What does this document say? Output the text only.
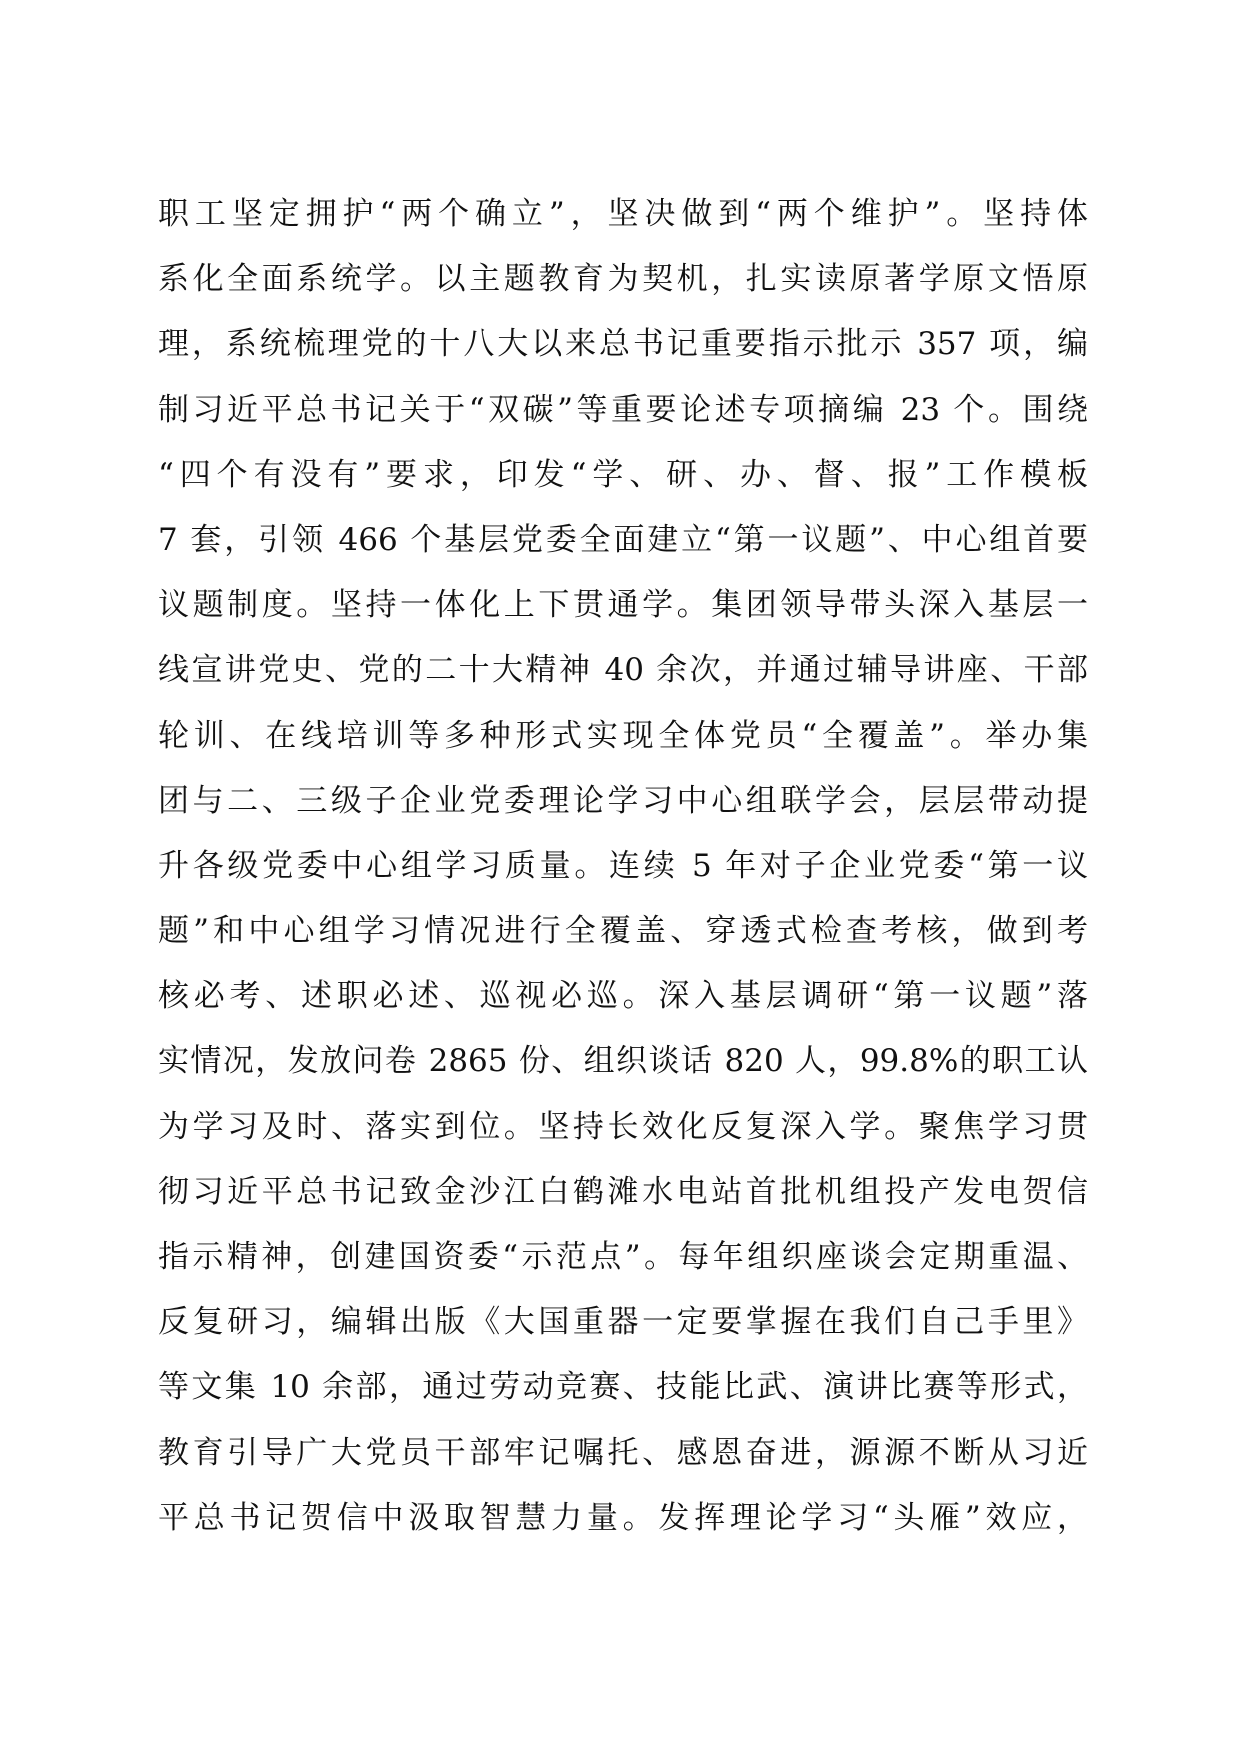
职工坚定拥护“两个确立”，坚决做到“两个维护”。坚持体
系化全面系统学。以主题教育为契机，扎实读原著学原文悟原
理，系统梳理党的十八大以来总书记重要指示批示 357 项，编
制习近平总书记关于“双碳”等重要论述专项摘编 23 个。围绕
“四个有没有”要求，印发“学、研、办、督、报”工作模板
7 套，引领 466 个基层党委全面建立“第一议题”、中心组首要
议题制度。坚持一体化上下贯通学。集团领导带头深入基层一
线宣讲党史、党的二十大精神 40 余次，并通过辅导讲座、干部
轮训、在线培训等多种形式实现全体党员“全覆盖”。举办集
团与二、三级子企业党委理论学习中心组联学会，层层带动提
升各级党委中心组学习质量。连续 5 年对子企业党委“第一议
题”和中心组学习情况进行全覆盖、穿透式检查考核，做到考
核必考、述职必述、巡视必巡。深入基层调研“第一议题”落
实情况，发放问卷 2865 份、组织谈话 820 人，99.8%的职工认
为学习及时、落实到位。坚持长效化反复深入学。聚焦学习贯
彻习近平总书记致金沙江白鹤滩水电站首批机组投产发电贺信
指示精神，创建国资委“示范点”。每年组织座谈会定期重温、
反复研习，编辑出版《大国重器一定要掌握在我们自己手里》
等文集 10 余部，通过劳动竞赛、技能比武、演讲比赛等形式，
教育引导广大党员干部牢记嘱托、感恩奋进，源源不断从习近
平总书记贺信中汲取智慧力量。发挥理论学习“头雁”效应，
